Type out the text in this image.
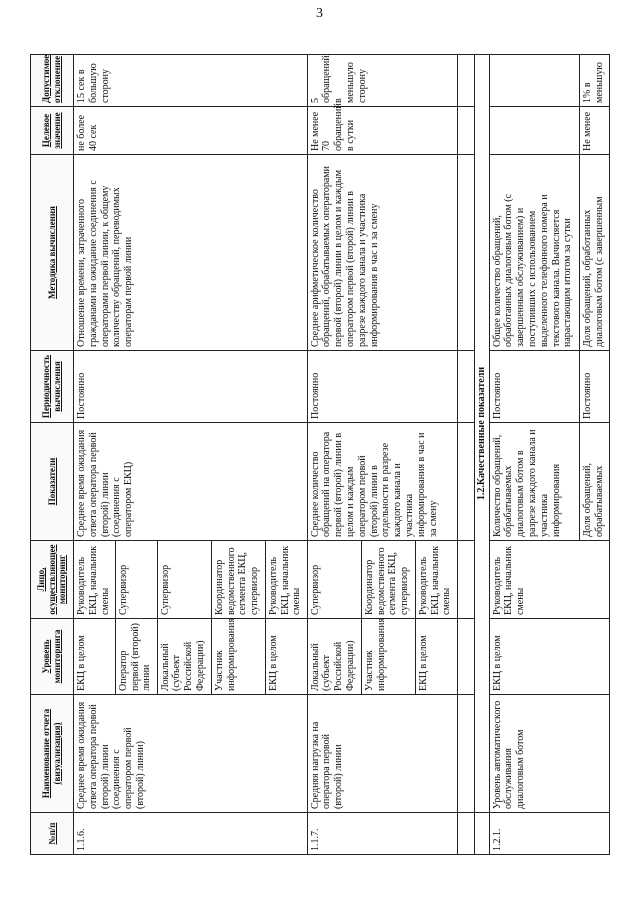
3
№п/п	Наименование отчета (визуализация)	Уровень мониторинга	Лицо, осуществляющее мониторинг	Показатели	Периодичность вычисления	Методика вычисления	Целевое значение	Допустимое отклонение
1.1.6.	Среднее время ожидания ответа оператора первой (второй) линии (соединения с оператором первой (второй) линии)	ЕКЦ в целом	Руководитель ЕКЦ, начальник смены	Среднее время ожидания ответа оператора первой (второй) линии (соединения с оператором ЕКЦ)	Постоянно	Отношение времени, затраченного гражданами на ожидание соединения с операторами первой линии, к общему количеству обращений, переводимых операторам первой линии	не более 40 сек	15 сек в большую сторону
		Оператор первой (второй) линии	Супервизор					
		Локальный (субъект Российской Федерации)	Супервизор					
		Участник информирования	Координатор ведомственного сегмента ЕКЦ, супервизор					
		ЕКЦ в целом	Руководитель ЕКЦ, начальник смены					
1.1.7.	Средняя нагрузка на оператора первой (второй) линии	Локальный (субъект Российской Федерации)	Супервизор	Среднее количество обращений на оператора первой (второй) линии в целом и каждым оператором первой (второй) линии в отдельности в разрезе каждого канала и участника информирования в час и за смену	Постоянно	Среднее арифметическое количество обращений, обрабатываемых операторами первой (второй) линии в целом и каждым оператором первой (второй) линии в разрезе каждого канала и участника информирования в час и за смену	Не менее 70 обращений в сутки	5 обращений в меньшую сторону
		Участник информирования	Координатор ведомственного сегмента ЕКЦ, супервизор					
		ЕКЦ в целом	Руководитель ЕКЦ, начальник смены					

	1.2.Качественные показатели							
1.2.1.	Уровень автоматического обслуживания диалоговым ботом	ЕКЦ в целом	Руководитель ЕКЦ, начальник смены	Количество обращений, обрабатываемых диалоговым ботом в разрезе каждого канала и участника информирования	Постоянно	Общее количество обращений, обработанных диалоговым ботом (с завершенным обслуживанием) и поступивших с использованием выделенного телефонного номера и текстового канала. Вычисляется нарастающим итогом за сутки		
				Доля обращений, обрабатываемых	Постоянно	Доля обращений, обработанных диалоговым ботом (с завершенным	Не менее	1% в меньшую
